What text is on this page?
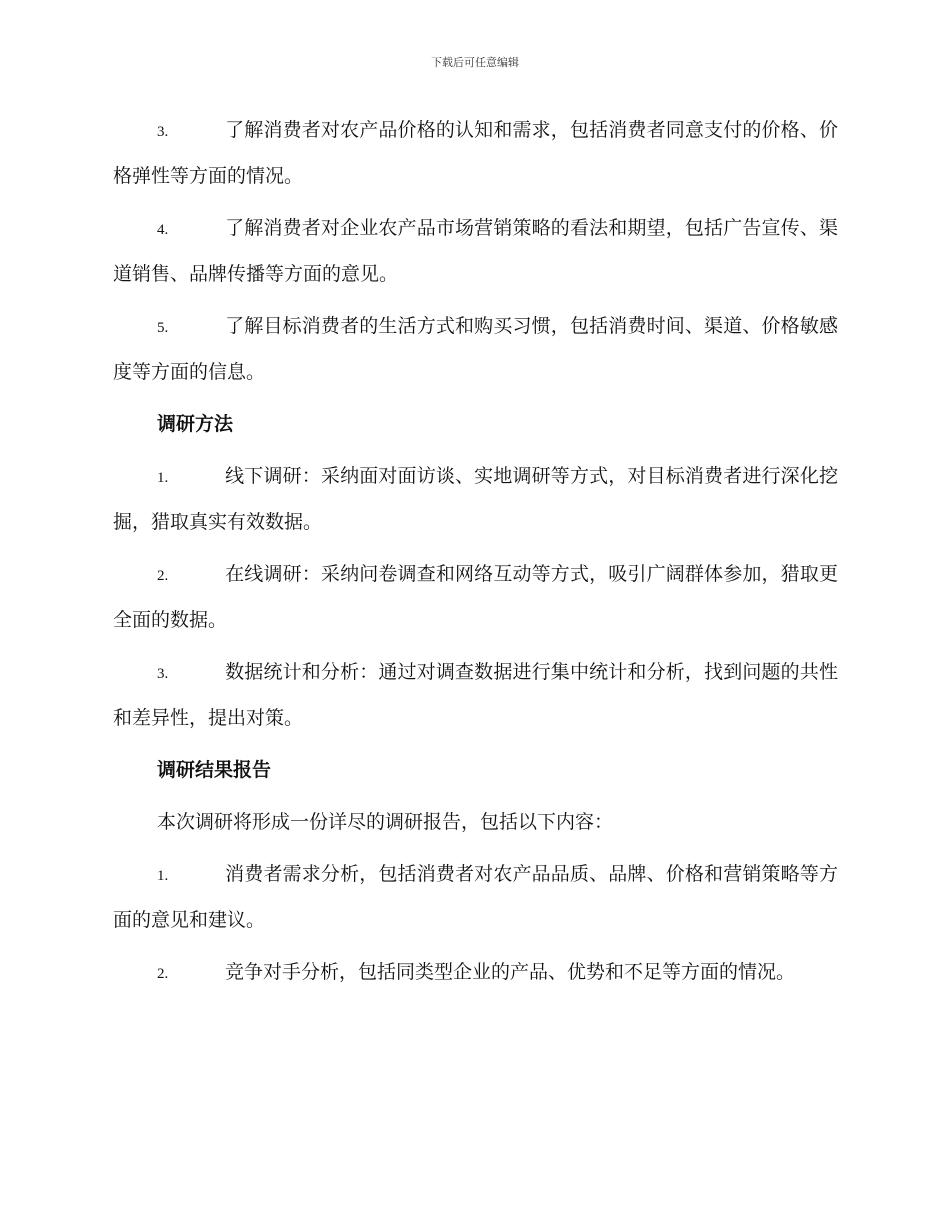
下载后可任意编辑

3.	了解消费者对农产品价格的认知和需求，包括消费者同意支付的价格、价格弹性等方面的情况。

4.	了解消费者对企业农产品市场营销策略的看法和期望，包括广告宣传、渠道销售、品牌传播等方面的意见。

5.	了解目标消费者的生活方式和购买习惯，包括消费时间、渠道、价格敏感度等方面的信息。

调研方法

1.	线下调研：采纳面对面访谈、实地调研等方式，对目标消费者进行深化挖掘，猎取真实有效数据。

2.	在线调研：采纳问卷调查和网络互动等方式，吸引广阔群体参加，猎取更全面的数据。

3.	数据统计和分析：通过对调查数据进行集中统计和分析，找到问题的共性和差异性，提出对策。

调研结果报告

本次调研将形成一份详尽的调研报告，包括以下内容：

1.	消费者需求分析，包括消费者对农产品品质、品牌、价格和营销策略等方面的意见和建议。

2.	竞争对手分析，包括同类型企业的产品、优势和不足等方面的情况。
